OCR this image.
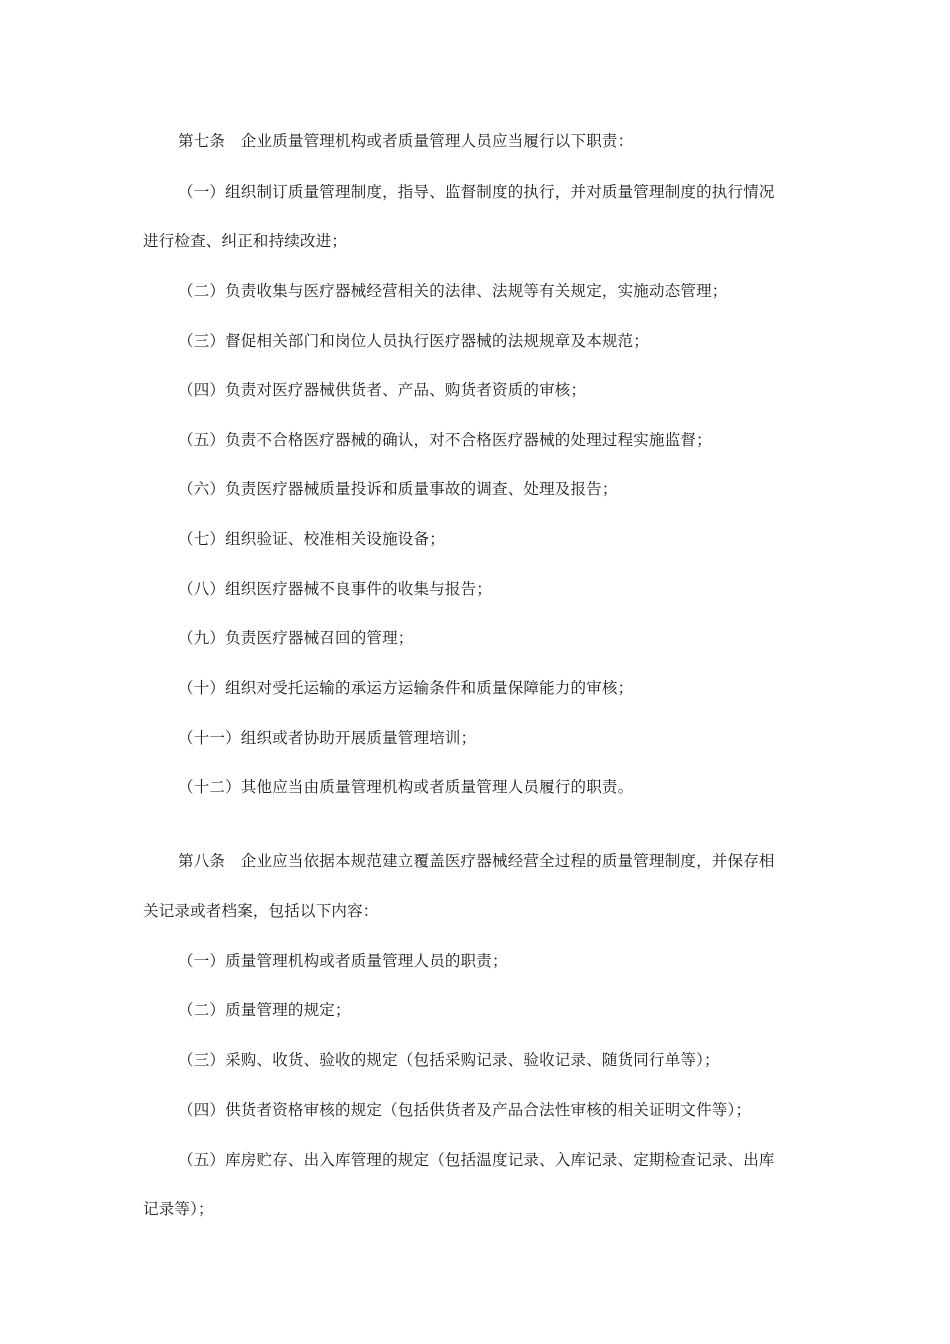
第七条　企业质量管理机构或者质量管理人员应当履行以下职责：
（一）组织制订质量管理制度，指导、监督制度的执行，并对质量管理制度的执行情况
进行检查、纠正和持续改进；
（二）负责收集与医疗器械经营相关的法律、法规等有关规定，实施动态管理；
（三）督促相关部门和岗位人员执行医疗器械的法规规章及本规范；
（四）负责对医疗器械供货者、产品、购货者资质的审核；
（五）负责不合格医疗器械的确认，对不合格医疗器械的处理过程实施监督；
（六）负责医疗器械质量投诉和质量事故的调查、处理及报告；
（七）组织验证、校准相关设施设备；
（八）组织医疗器械不良事件的收集与报告；
（九）负责医疗器械召回的管理；
（十）组织对受托运输的承运方运输条件和质量保障能力的审核；
（十一）组织或者协助开展质量管理培训；
（十二）其他应当由质量管理机构或者质量管理人员履行的职责。
第八条　企业应当依据本规范建立覆盖医疗器械经营全过程的质量管理制度，并保存相
关记录或者档案，包括以下内容：
（一）质量管理机构或者质量管理人员的职责；
（二）质量管理的规定；
（三）采购、收货、验收的规定（包括采购记录、验收记录、随货同行单等）；
（四）供货者资格审核的规定（包括供货者及产品合法性审核的相关证明文件等）；
（五）库房贮存、出入库管理的规定（包括温度记录、入库记录、定期检查记录、出库
记录等）；
